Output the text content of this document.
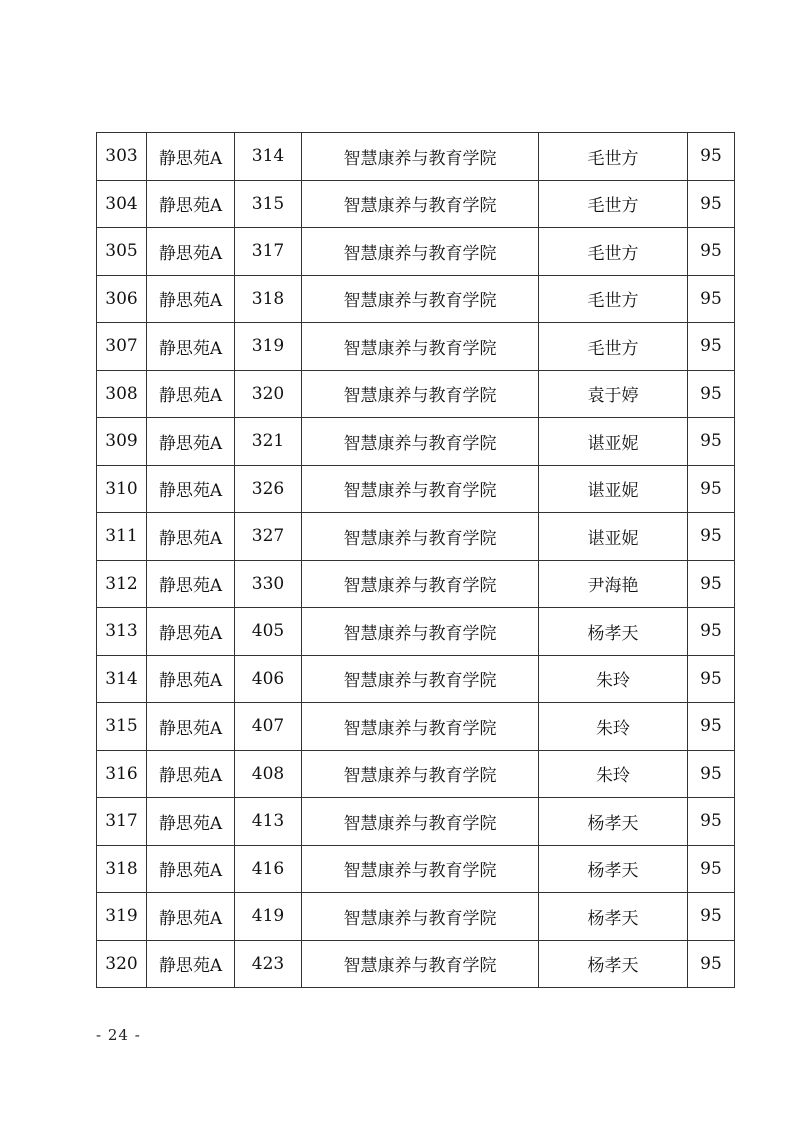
303	静思苑A	314	智慧康养与教育学院	毛世方	95
304	静思苑A	315	智慧康养与教育学院	毛世方	95
305	静思苑A	317	智慧康养与教育学院	毛世方	95
306	静思苑A	318	智慧康养与教育学院	毛世方	95
307	静思苑A	319	智慧康养与教育学院	毛世方	95
308	静思苑A	320	智慧康养与教育学院	袁于婷	95
309	静思苑A	321	智慧康养与教育学院	谌亚妮	95
310	静思苑A	326	智慧康养与教育学院	谌亚妮	95
311	静思苑A	327	智慧康养与教育学院	谌亚妮	95
312	静思苑A	330	智慧康养与教育学院	尹海艳	95
313	静思苑A	405	智慧康养与教育学院	杨孝天	95
314	静思苑A	406	智慧康养与教育学院	朱玲	95
315	静思苑A	407	智慧康养与教育学院	朱玲	95
316	静思苑A	408	智慧康养与教育学院	朱玲	95
317	静思苑A	413	智慧康养与教育学院	杨孝天	95
318	静思苑A	416	智慧康养与教育学院	杨孝天	95
319	静思苑A	419	智慧康养与教育学院	杨孝天	95
320	静思苑A	423	智慧康养与教育学院	杨孝天	95
- 24 -
